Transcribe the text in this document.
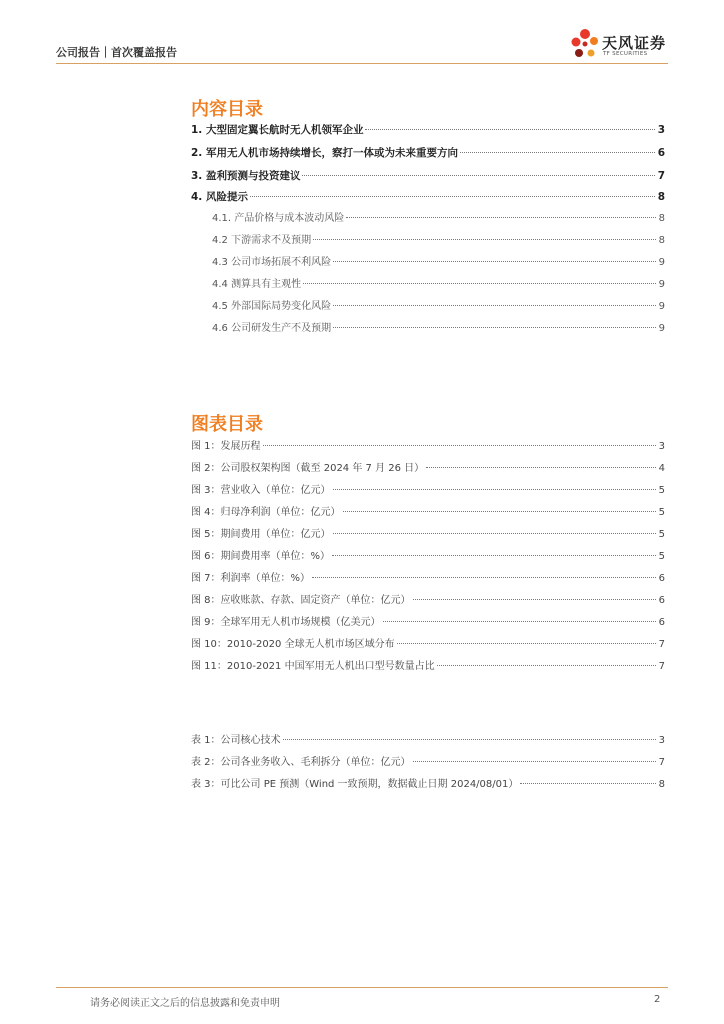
公司报告｜首次覆盖报告
天风证券
TF SECURITIES
内容目录
1. 大型固定翼长航时无人机领军企业	3
2. 军用无人机市场持续增长，察打一体或为未来重要方向	6
3. 盈利预测与投资建议	7
4. 风险提示	8
4.1. 产品价格与成本波动风险	8
4.2 下游需求不及预期	8
4.3 公司市场拓展不利风险	9
4.4 测算具有主观性	9
4.5 外部国际局势变化风险	9
4.6 公司研发生产不及预期	9
图表目录
图 1：发展历程	3
图 2：公司股权架构图（截至 2024 年 7 月 26 日）	4
图 3：营业收入（单位：亿元）	5
图 4：归母净利润（单位：亿元）	5
图 5：期间费用（单位：亿元）	5
图 6：期间费用率（单位：%）	5
图 7：利润率（单位：%）	6
图 8：应收账款、存款、固定资产（单位：亿元）	6
图 9：全球军用无人机市场规模（亿美元）	6
图 10：2010-2020 全球无人机市场区域分布	7
图 11：2010-2021 中国军用无人机出口型号数量占比	7
表 1：公司核心技术	3
表 2：公司各业务收入、毛利拆分（单位：亿元）	7
表 3：可比公司 PE 预测（Wind 一致预期，数据截止日期 2024/08/01）	8
请务必阅读正文之后的信息披露和免责申明	2
